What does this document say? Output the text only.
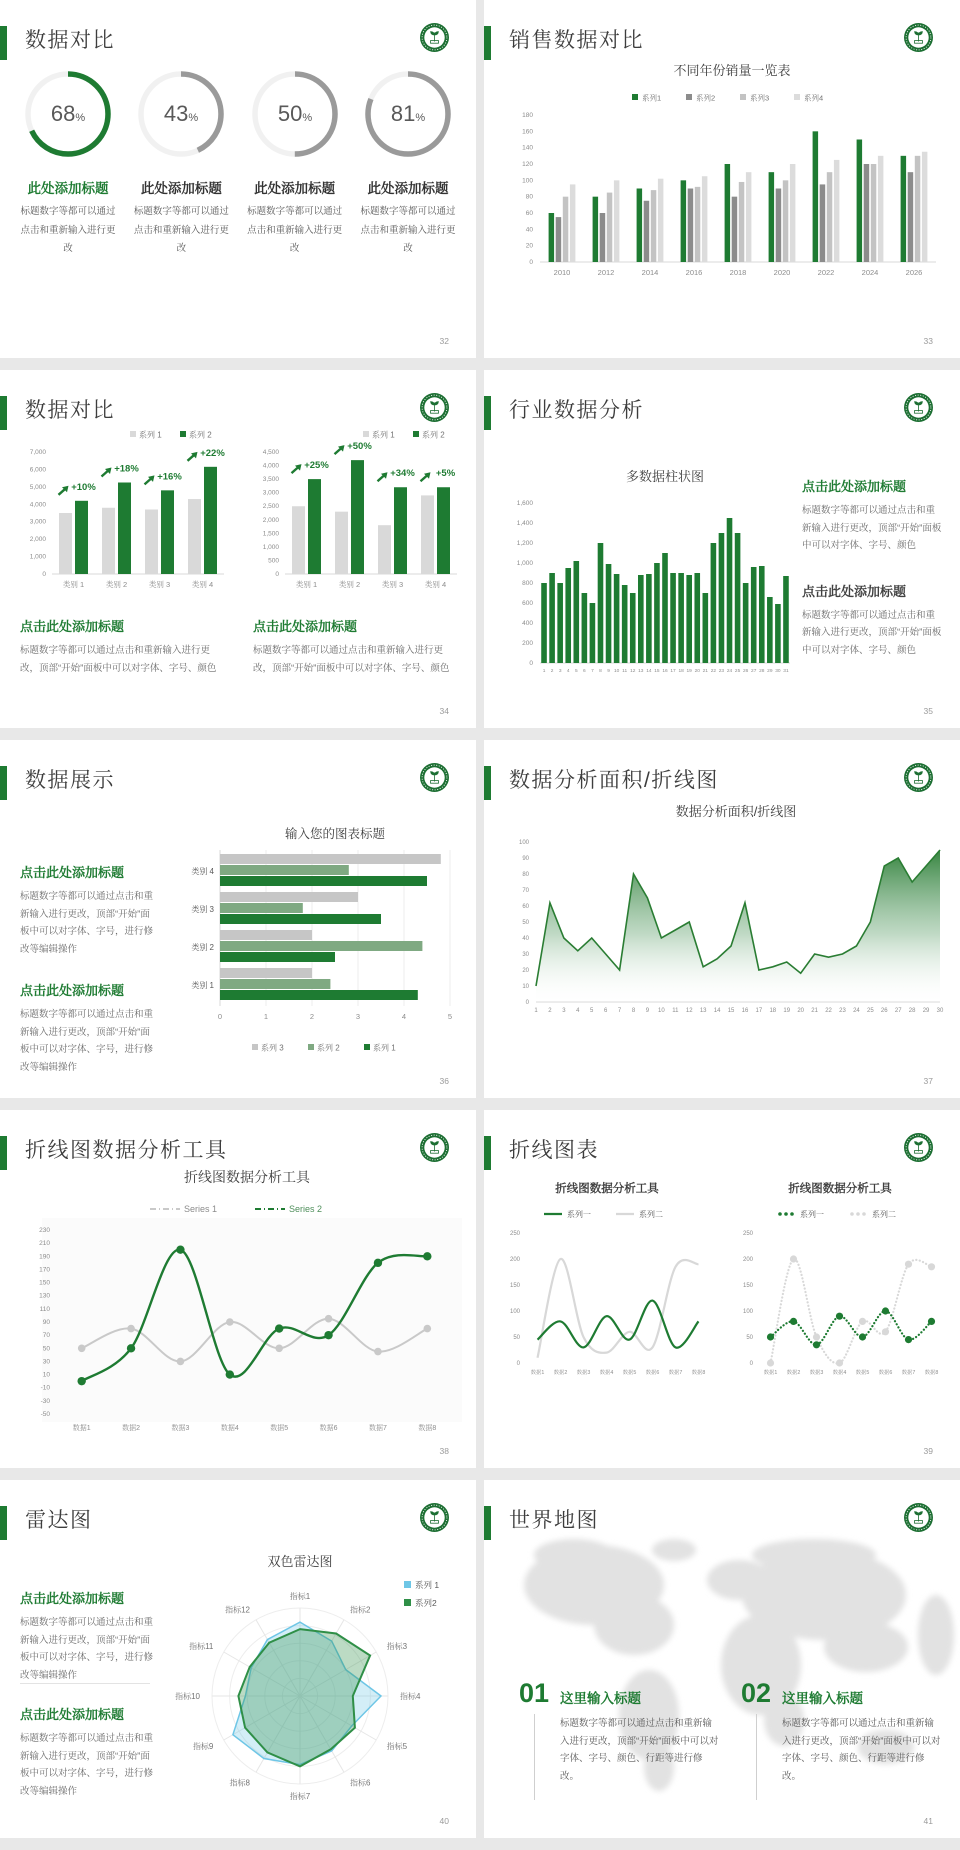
数据对比
68%
此处添加标题

标题数字等都可以通过点击和重新输入进行更改

43%
此处添加标题

标题数字等都可以通过点击和重新输入进行更改

50%
此处添加标题

标题数字等都可以通过点击和重新输入进行更改

81%
此处添加标题

标题数字等都可以通过点击和重新输入进行更改

32
销售数据对比
不同年份销量一览表
系列1	系列2	系列3	系列4
0
20
40
60
80
100
120
140
160
180
2010	2012	2014	2016	2018	2020	2022	2024	2026
33
数据对比
系列 1	系列 2
0
1,000
2,000
3,000
4,000
5,000
6,000
7,000
类别 1
+10%
类别 2
+18%
类别 3
+16%
类别 4
+22%
系列 1	系列 2
0
500
1,000
1,500
2,000
2,500
3,000
3,500
4,000
4,500
类别 1
+25%
类别 2
+50%
类别 3
+34%
类别 4
+5%
点击此处添加标题

标题数字等都可以通过点击和重新输入进行更改，顶部“开始”面板中可以对字体、字号、颜色

点击此处添加标题

标题数字等都可以通过点击和重新输入进行更改，顶部“开始”面板中可以对字体、字号、颜色

34
行业数据分析
多数据柱状图
0
200
400
600
800
1,000
1,200
1,400
1,600
1 2 3 4 5 6 7 8 9 10 11 12 13 14 15 16 17 18 19 20 21 22 23 24 25 26 27 28 29 30 31
点击此处添加标题

标题数字等都可以通过点击和重新输入进行更改，顶部“开始”面板中可以对字体、字号、颜色

点击此处添加标题

标题数字等都可以通过点击和重新输入进行更改，顶部“开始”面板中可以对字体、字号、颜色

35
数据展示
输入您的图表标题
0	1	2	3	4	5
类别 4
类别 3
类别 2
类别 1
系列 3	系列 2	系列 1
点击此处添加标题

标题数字等都可以通过点击和重新输入进行更改，顶部“开始”面板中可以对字体、字号，进行修改等编辑操作

点击此处添加标题

标题数字等都可以通过点击和重新输入进行更改，顶部“开始”面板中可以对字体、字号，进行修改等编辑操作

36
数据分析面积/折线图
数据分析面积/折线图
0
10
20
30
40
50
60
70
80
90
100
1 2 3 4 5 6 7 8 9 10 11 12 13 14 15 16 17 18 19 20 21 22 23 24 25 26 27 28 29 30
37
折线图数据分析工具
折线图数据分析工具
Series 1	Series 2
230
210
190
170
150
130
110
90
70
50
30
10
-10
-30
-50
数据1	数据2	数据3	数据4	数据5	数据6	数据7	数据8
38
折线图表
折线图数据分析工具
系列一	系列二
0
50
100
150
200
250
数据1 数据2 数据3 数据4 数据5 数据6 数据7 数据8
折线图数据分析工具
系列一	系列二
0
50
100
150
200
250
数据1 数据2 数据3 数据4 数据5 数据6 数据7 数据8
39
雷达图
双色雷达图
指标1
指标2
指标3
指标4
指标5
指标6
指标7
指标8
指标9
指标10
指标11
指标12
系列 1
系列2
点击此处添加标题

标题数字等都可以通过点击和重新输入进行更改，顶部“开始”面板中可以对字体、字号，进行修改等编辑操作

点击此处添加标题

标题数字等都可以通过点击和重新输入进行更改，顶部“开始”面板中可以对字体、字号，进行修改等编辑操作

40
世界地图
01 这里输入标题

标题数字等都可以通过点击和重新输入进行更改，顶部“开始”面板中可以对字体、字号、颜色、行距等进行修改。

02 这里输入标题

标题数字等都可以通过点击和重新输入进行更改，顶部“开始”面板中可以对字体、字号、颜色、行距等进行修改。

41
